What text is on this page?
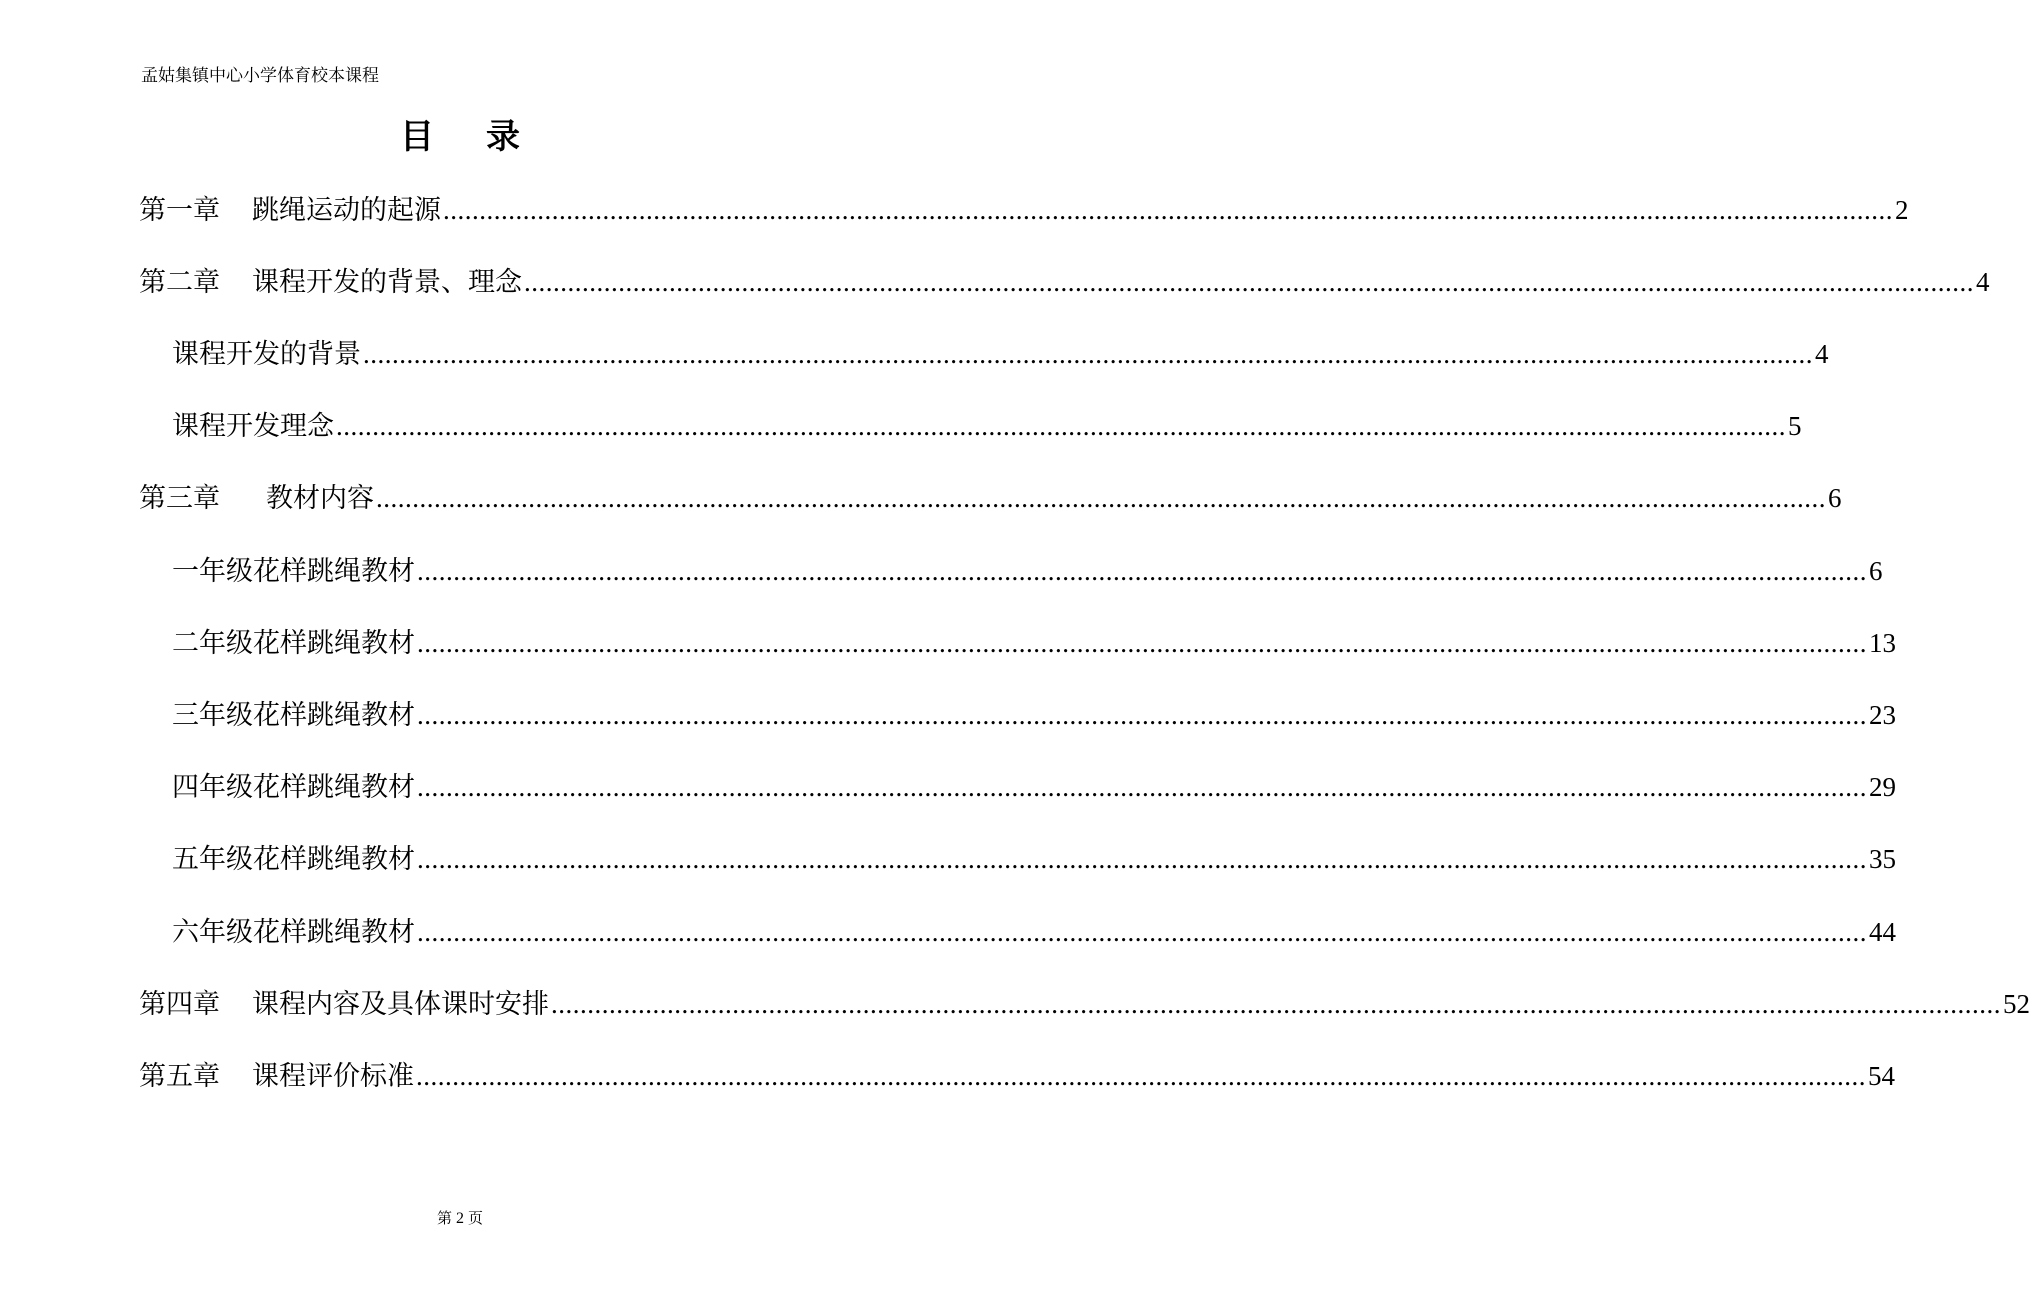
孟姑集镇中心小学体育校本课程
目录
第一章 跳绳运动的起源 ........................................................................................................................................................................................................ 2
第二章 课程开发的背景、理念 ........................................................................................................................................................................................................ 4
课程开发的背景 ........................................................................................................................................................................................................ 4
课程开发理念 ........................................................................................................................................................................................................ 5
第三章 教材内容 ........................................................................................................................................................................................................ 6
一年级花样跳绳教材 ........................................................................................................................................................................................................ 6
二年级花样跳绳教材 ........................................................................................................................................................................................................ 13
三年级花样跳绳教材 ........................................................................................................................................................................................................ 23
四年级花样跳绳教材 ........................................................................................................................................................................................................ 29
五年级花样跳绳教材 ........................................................................................................................................................................................................ 35
六年级花样跳绳教材 ........................................................................................................................................................................................................ 44
第四章 课程内容及具体课时安排 ........................................................................................................................................................................................................ 52
第五章 课程评价标准 ........................................................................................................................................................................................................ 54
第 2 页
